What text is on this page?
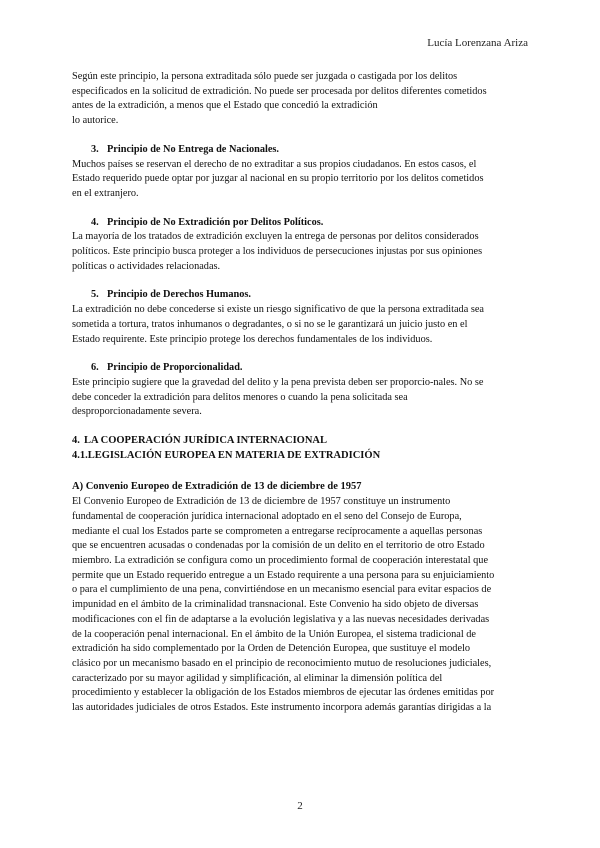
Lucía Lorenzana Ariza

Según este principio, la persona extraditada sólo puede ser juzgada o castigada por los delitos

especificados en la solicitud de extradición. No puede ser procesada por delitos diferentes cometidos

antes de la extradición, a menos que el Estado que concedió la extradición

lo autorice.

3. Principio de No Entrega de Nacionales.

Muchos países se reservan el derecho de no extraditar a sus propios ciudadanos. En estos casos, el

Estado requerido puede optar por juzgar al nacional en su propio territorio por los delitos cometidos

en el extranjero.

4. Principio de No Extradición por Delitos Políticos.

La mayoría de los tratados de extradición excluyen la entrega de personas por delitos considerados

políticos. Este principio busca proteger a los individuos de persecuciones injustas por sus opiniones

políticas o actividades relacionadas.

5. Principio de Derechos Humanos.

La extradición no debe concederse si existe un riesgo significativo de que la persona extraditada sea

sometida a tortura, tratos inhumanos o degradantes, o si no se le garantizará un juicio justo en el

Estado requirente. Este principio protege los derechos fundamentales de los individuos.

6. Principio de Proporcionalidad.

Este principio sugiere que la gravedad del delito y la pena prevista deben ser proporcio-nales. No se

debe conceder la extradición para delitos menores o cuando la pena solicitada sea

desproporcionadamente severa.

4. LA COOPERACIÓN JURÍDICA INTERNACIONAL

4.1.LEGISLACIÓN EUROPEA EN MATERIA DE EXTRADICIÓN

A) Convenio Europeo de Extradición de 13 de diciembre de 1957

El Convenio Europeo de Extradición de 13 de diciembre de 1957 constituye un instrumento

fundamental de cooperación jurídica internacional adoptado en el seno del Consejo de Europa,

mediante el cual los Estados parte se comprometen a entregarse recíprocamente a aquellas personas

que se encuentren acusadas o condenadas por la comisión de un delito en el territorio de otro Estado

miembro. La extradición se configura como un procedimiento formal de cooperación interestatal que

permite que un Estado requerido entregue a un Estado requirente a una persona para su enjuiciamiento

o para el cumplimiento de una pena, convirtiéndose en un mecanismo esencial para evitar espacios de

impunidad en el ámbito de la criminalidad transnacional. Este Convenio ha sido objeto de diversas

modificaciones con el fin de adaptarse a la evolución legislativa y a las nuevas necesidades derivadas

de la cooperación penal internacional. En el ámbito de la Unión Europea, el sistema tradicional de

extradición ha sido complementado por la Orden de Detención Europea, que sustituye el modelo

clásico por un mecanismo basado en el principio de reconocimiento mutuo de resoluciones judiciales,

caracterizado por su mayor agilidad y simplificación, al eliminar la dimensión política del

procedimiento y establecer la obligación de los Estados miembros de ejecutar las órdenes emitidas por

las autoridades judiciales de otros Estados. Este instrumento incorpora además garantías dirigidas a la

2
